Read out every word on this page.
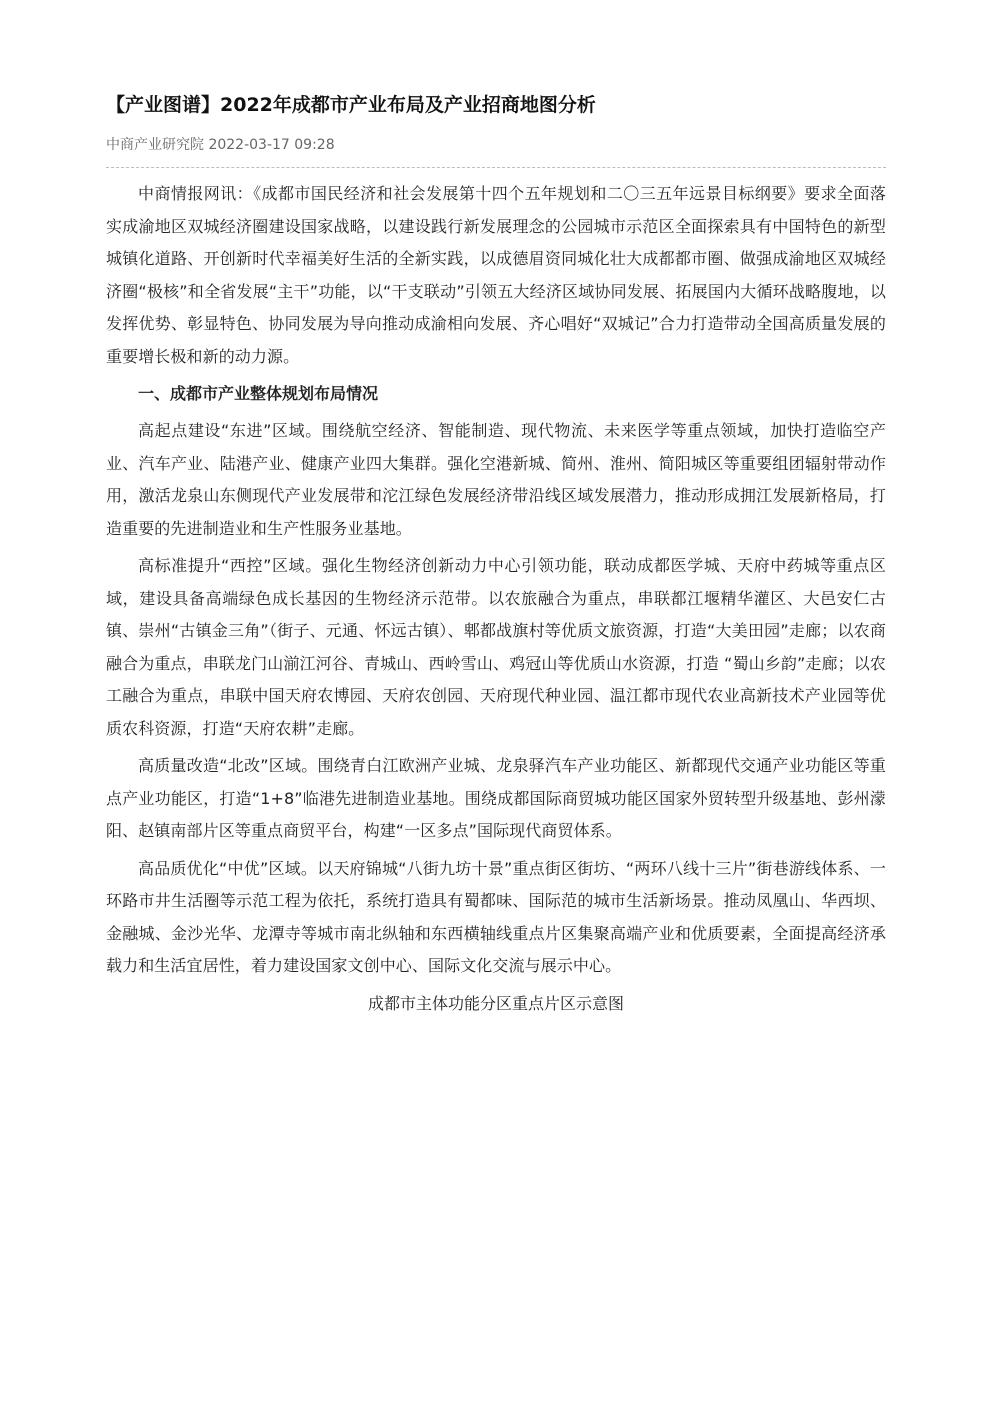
【产业图谱】2022年成都市产业布局及产业招商地图分析
中商产业研究院 2022-03-17 09:28

中商情报网讯：《成都市国民经济和社会发展第十四个五年规划和二〇三五年远景目标纲要》要求全面落实成渝地区双城经济圈建设国家战略，以建设践行新发展理念的公园城市示范区全面探索具有中国特色的新型城镇化道路、开创新时代幸福美好生活的全新实践，以成德眉资同城化壮大成都都市圈、做强成渝地区双城经济圈“极核”和全省发展“主干”功能，以“干支联动”引领五大经济区域协同发展、拓展国内大循环战略腹地，以发挥优势、彰显特色、协同发展为导向推动成渝相向发展、齐心唱好“双城记”合力打造带动全国高质量发展的重要增长极和新的动力源。

一、成都市产业整体规划布局情况

高起点建设“东进”区域。围绕航空经济、智能制造、现代物流、未来医学等重点领域，加快打造临空产业、汽车产业、陆港产业、健康产业四大集群。强化空港新城、简州、淮州、简阳城区等重要组团辐射带动作用，激活龙泉山东侧现代产业发展带和沱江绿色发展经济带沿线区域发展潜力，推动形成拥江发展新格局，打造重要的先进制造业和生产性服务业基地。

高标准提升“西控”区域。强化生物经济创新动力中心引领功能，联动成都医学城、天府中药城等重点区域，建设具备高端绿色成长基因的生物经济示范带。以农旅融合为重点，串联都江堰精华灌区、大邑安仁古镇、崇州“古镇金三角”（街子、元通、怀远古镇）、郫都战旗村等优质文旅资源，打造“大美田园”走廊；以农商融合为重点，串联龙门山湔江河谷、青城山、西岭雪山、鸡冠山等优质山水资源，打造 “蜀山乡韵”走廊；以农工融合为重点，串联中国天府农博园、天府农创园、天府现代种业园、温江都市现代农业高新技术产业园等优质农科资源，打造“天府农耕”走廊。

高质量改造“北改”区域。围绕青白江欧洲产业城、龙泉驿汽车产业功能区、新都现代交通产业功能区等重点产业功能区，打造“1+8”临港先进制造业基地。围绕成都国际商贸城功能区国家外贸转型升级基地、彭州濛阳、赵镇南部片区等重点商贸平台，构建“一区多点”国际现代商贸体系。

高品质优化“中优”区域。以天府锦城“八街九坊十景”重点街区街坊、“两环八线十三片”街巷游线体系、一环路市井生活圈等示范工程为依托，系统打造具有蜀都味、国际范的城市生活新场景。推动凤凰山、华西坝、金融城、金沙光华、龙潭寺等城市南北纵轴和东西横轴线重点片区集聚高端产业和优质要素，全面提高经济承载力和生活宜居性，着力建设国家文创中心、国际文化交流与展示中心。

成都市主体功能分区重点片区示意图
